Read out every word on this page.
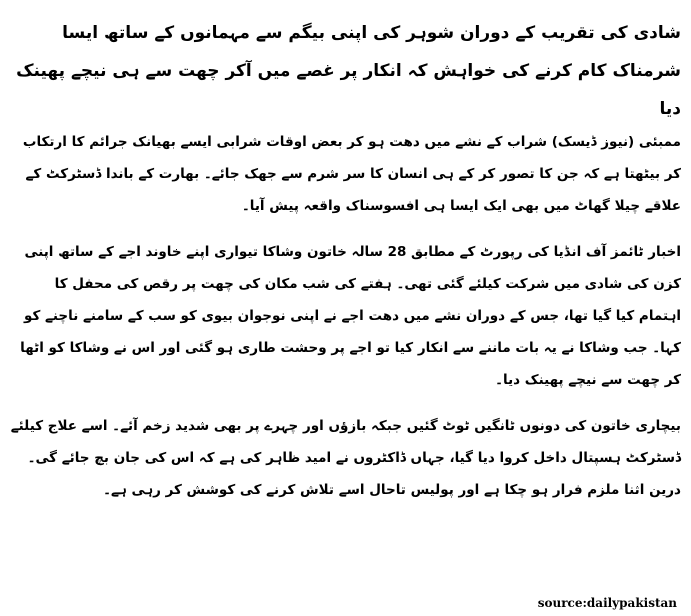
شادی کی تقریب کے دوران شوہر کی اپنی بیگم سے مہمانوں کے ساتھ ایسا شرمناک کام کرنے کی خواہش کہ انکار پر غصے میں آکر چھت سے ہی نیچے پھینک دیا
ممبئی (نیوز ڈیسک) شراب کے نشے میں دھت ہو کر بعض اوقات شرابی ایسے بھیانک جرائم کا ارتکاب کر بیٹھتا ہے کہ جن کا تصور کر کے ہی انسان کا سر شرم سے جھک جائے۔ بھارت کے باندا ڈسٹرکٹ کے علاقے چیلا گھاٹ میں بھی ایک ایسا ہی افسوسناک واقعہ پیش آیا۔
اخبار ٹائمز آف انڈیا کی رپورٹ کے مطابق 28 سالہ خاتون وشاکا تیواری اپنے خاوند اجے کے ساتھ اپنی کزن کی شادی میں شرکت کیلئے گئی تھی۔ ہفتے کی شب مکان کی چھت پر رقص کی محفل کا اہتمام کیا گیا تھا، جس کے دوران نشے میں دھت اجے نے اپنی نوجوان بیوی کو سب کے سامنے ناچنے کو کہا۔ جب وشاکا نے یہ بات ماننے سے انکار کیا تو اجے پر وحشت طاری ہو گئی اور اس نے وشاکا کو اٹھا کر چھت سے نیچے پھینک دیا۔
بیچاری خاتون کی دونوں ٹانگیں ٹوٹ گئیں جبکہ بازؤں اور چہرے پر بھی شدید زخم آئے۔ اسے علاج کیلئے ڈسٹرکٹ ہسپتال داخل کروا دیا گیا، جہاں ڈاکٹروں نے امید ظاہر کی ہے کہ اس کی جان بچ جائے گی۔ درین اثنا ملزم فرار ہو چکا ہے اور پولیس تاحال اسے تلاش کرنے کی کوشش کر رہی ہے۔
source:dailypakistan
